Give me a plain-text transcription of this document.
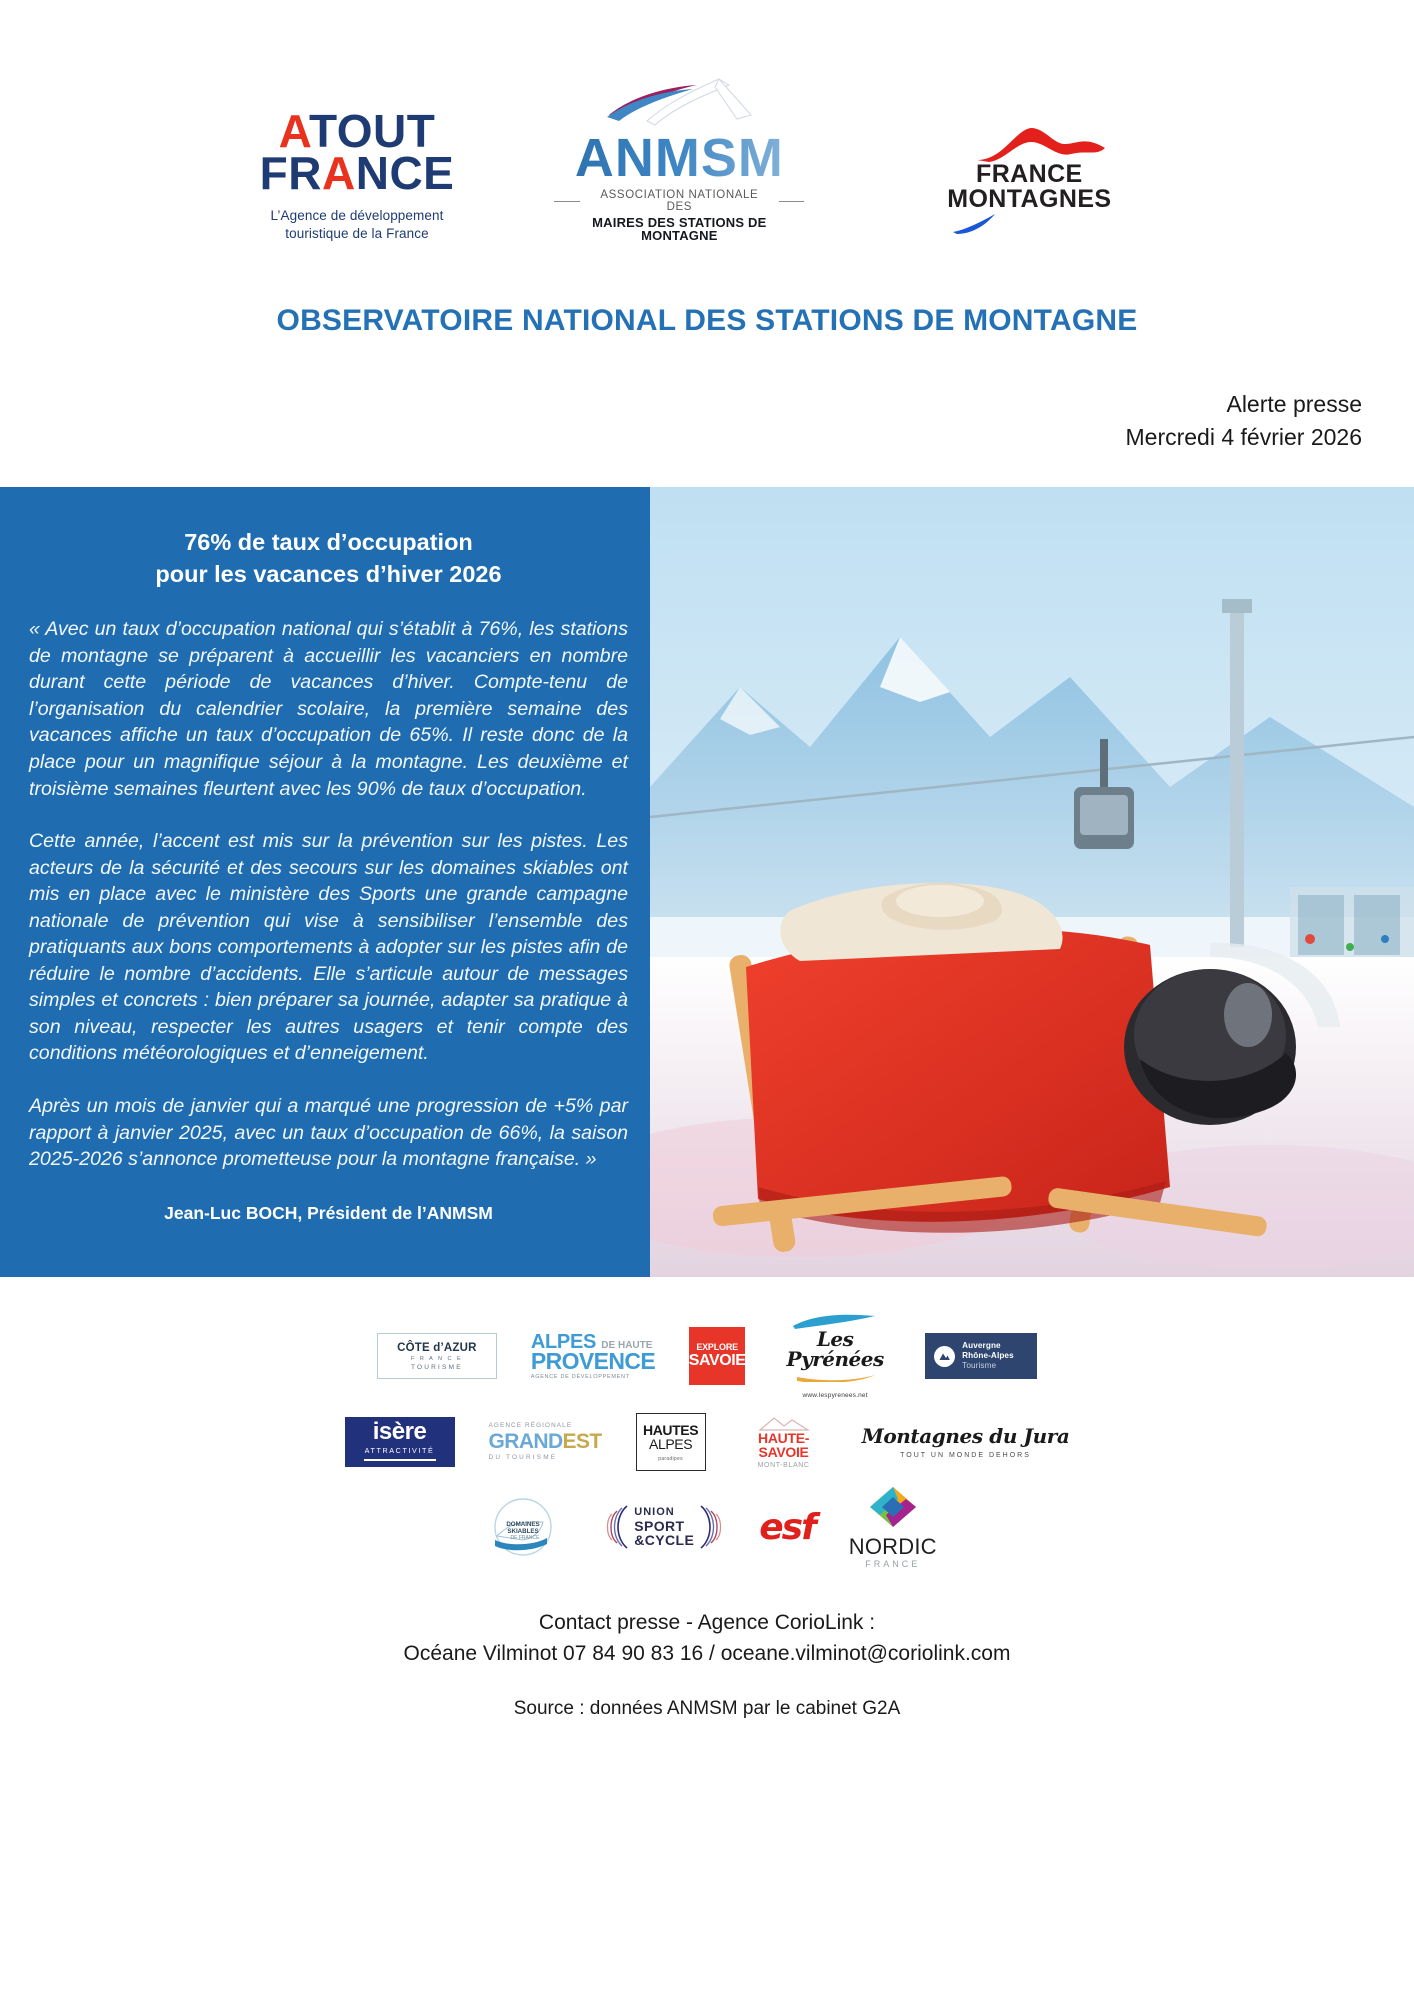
ATOUT
FRANCE
L’Agence de développement
touristique de la France
ANMSM
ASSOCIATION NATIONALE DES
MAIRES DES STATIONS DE MONTAGNE
FRANCE MONTAGNES
OBSERVATOIRE NATIONAL DES STATIONS DE MONTAGNE
Alerte presse
Mercredi 4 février 2026
76% de taux d’occupation
pour les vacances d’hiver 2026

« Avec un taux d’occupation national qui s’établit à 76%, les stations de montagne se préparent à accueillir les vacanciers en nombre durant cette période de vacances d’hiver. Compte-tenu de l’organisation du calendrier scolaire, la première semaine des vacances affiche un taux d’occupation de 65%. Il reste donc de la place pour un magnifique séjour à la montagne. Les deuxième et troisième semaines fleurtent avec les 90% de taux d’occupation.

Cette année, l’accent est mis sur la prévention sur les pistes. Les acteurs de la sécurité et des secours sur les domaines skiables ont mis en place avec le ministère des Sports une grande campagne nationale de prévention qui vise à sensibiliser l’ensemble des pratiquants aux bons comportements à adopter sur les pistes afin de réduire le nombre d’accidents. Elle s’articule autour de messages simples et concrets : bien préparer sa journée, adapter sa pratique à son niveau, respecter les autres usagers et tenir compte des conditions météorologiques et d’enneigement.

Après un mois de janvier qui a marqué une progression de +5% par rapport à janvier 2025, avec un taux d’occupation de 66%, la saison 2025-2026 s’annonce prometteuse pour la montagne française. »

Jean-Luc BOCH, Président de l’ANMSM
CÔTE d’AZUR
F R A N C E
TOURISME
ALPES DE HAUTE
PROVENCE
AGENCE DE DÉVELOPPEMENT
EXPLORE
SAVOIE
Les Pyrénées
www.lespyrenees.net
Auvergne
Rhône-Alpes
Tourisme
isère
ATTRACTIVITÉ
AGENCE RÉGIONALE
GRANDEST
DU TOURISME
HAUTES
ALPES
paradipes
HAUTE-
SAVOIE
MONT-BLANC
Montagnes du Jura
TOUT UN MONDE DEHORS
DOMAINES
SKIABLES
DE FRANCE
UNION
SPORT
&CYCLE esf NORDIC
FRANCE
Contact presse - Agence CorioLink :
Océane Vilminot 07 84 90 83 16 / oceane.vilminot@coriolink.com
Source : données ANMSM par le cabinet G2A
